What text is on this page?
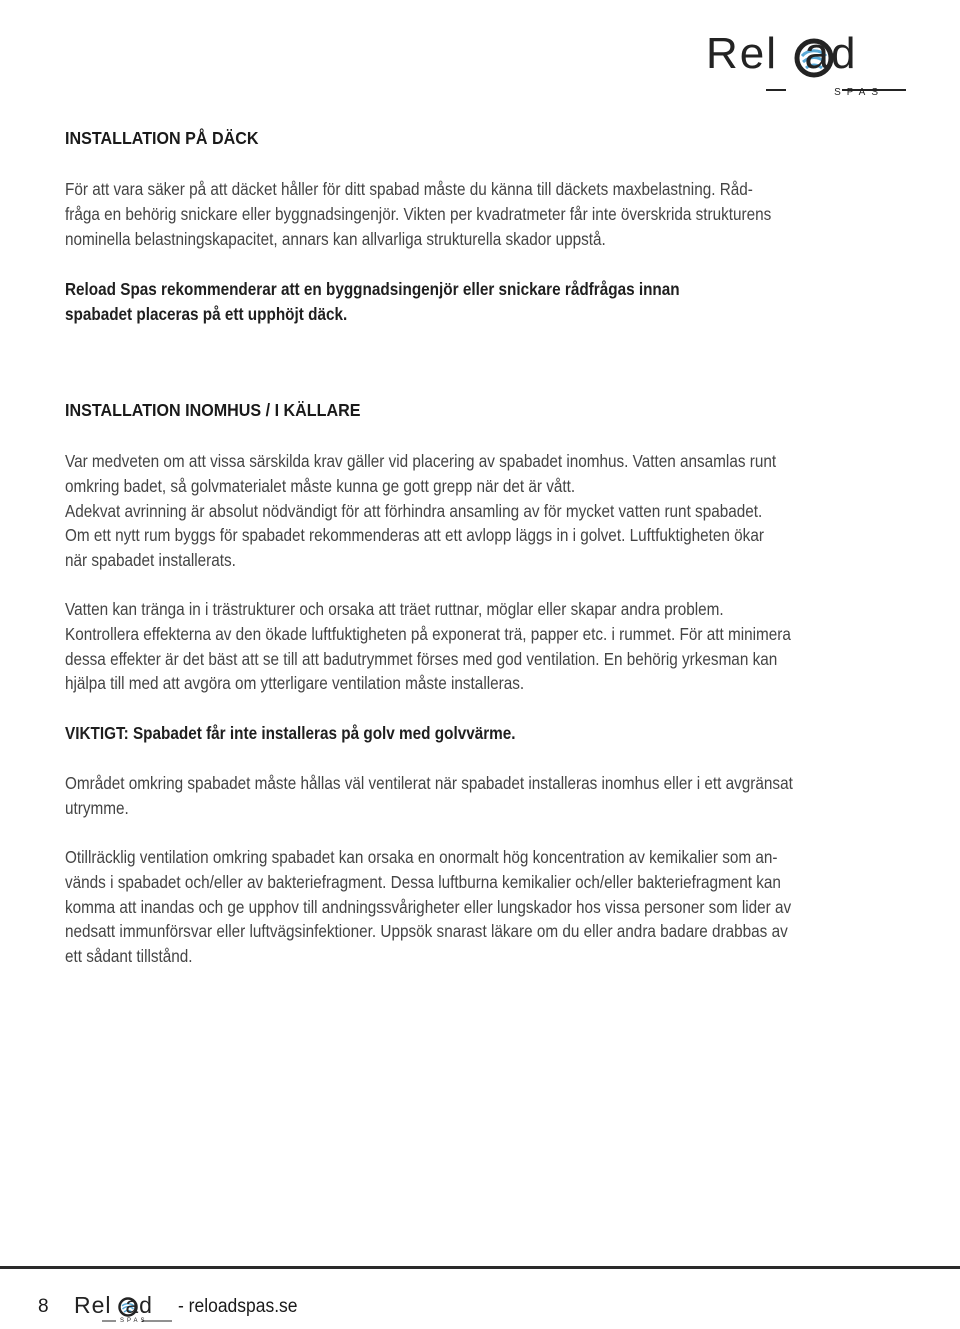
Rel ad
SPAS
INSTALLATION PÅ DÄCK

För att vara säker på att däcket håller för ditt spabad måste du känna till däckets maxbelastning. Råd-
fråga en behörig snickare eller byggnadsingenjör. Vikten per kvadratmeter får inte överskrida strukturens
nominella belastningskapacitet, annars kan allvarliga strukturella skador uppstå.

Reload Spas rekommenderar att en byggnadsingenjör eller snickare rådfrågas innan
spabadet placeras på ett upphöjt däck.

INSTALLATION INOMHUS / I KÄLLARE

Var medveten om att vissa särskilda krav gäller vid placering av spabadet inomhus. Vatten ansamlas runt
omkring badet, så golvmaterialet måste kunna ge gott grepp när det är vått.
Adekvat avrinning är absolut nödvändigt för att förhindra ansamling av för mycket vatten runt spabadet.
Om ett nytt rum byggs för spabadet rekommenderas att ett avlopp läggs in i golvet. Luftfuktigheten ökar
när spabadet installerats.

Vatten kan tränga in i trästrukturer och orsaka att träet ruttnar, möglar eller skapar andra problem.
Kontrollera effekterna av den ökade luftfuktigheten på exponerat trä, papper etc. i rummet. För att minimera
dessa effekter är det bäst att se till att badutrymmet förses med god ventilation. En behörig yrkesman kan
hjälpa till med att avgöra om ytterligare ventilation måste installeras.

VIKTIGT: Spabadet får inte installeras på golv med golvvärme.

Området omkring spabadet måste hållas väl ventilerat när spabadet installeras inomhus eller i ett avgränsat
utrymme.

Otillräcklig ventilation omkring spabadet kan orsaka en onormalt hög koncentration av kemikalier som an-
vänds i spabadet och/eller av bakteriefragment. Dessa luftburna kemikalier och/eller bakteriefragment kan
komma att inandas och ge upphov till andningssvårigheter eller lungskador hos vissa personer som lider av
nedsatt immunförsvar eller luftvägsinfektioner. Uppsök snarast läkare om du eller andra badare drabbas av
ett sådant tillstånd.

8 Rel ad
SPAS
- reloadspas.se
